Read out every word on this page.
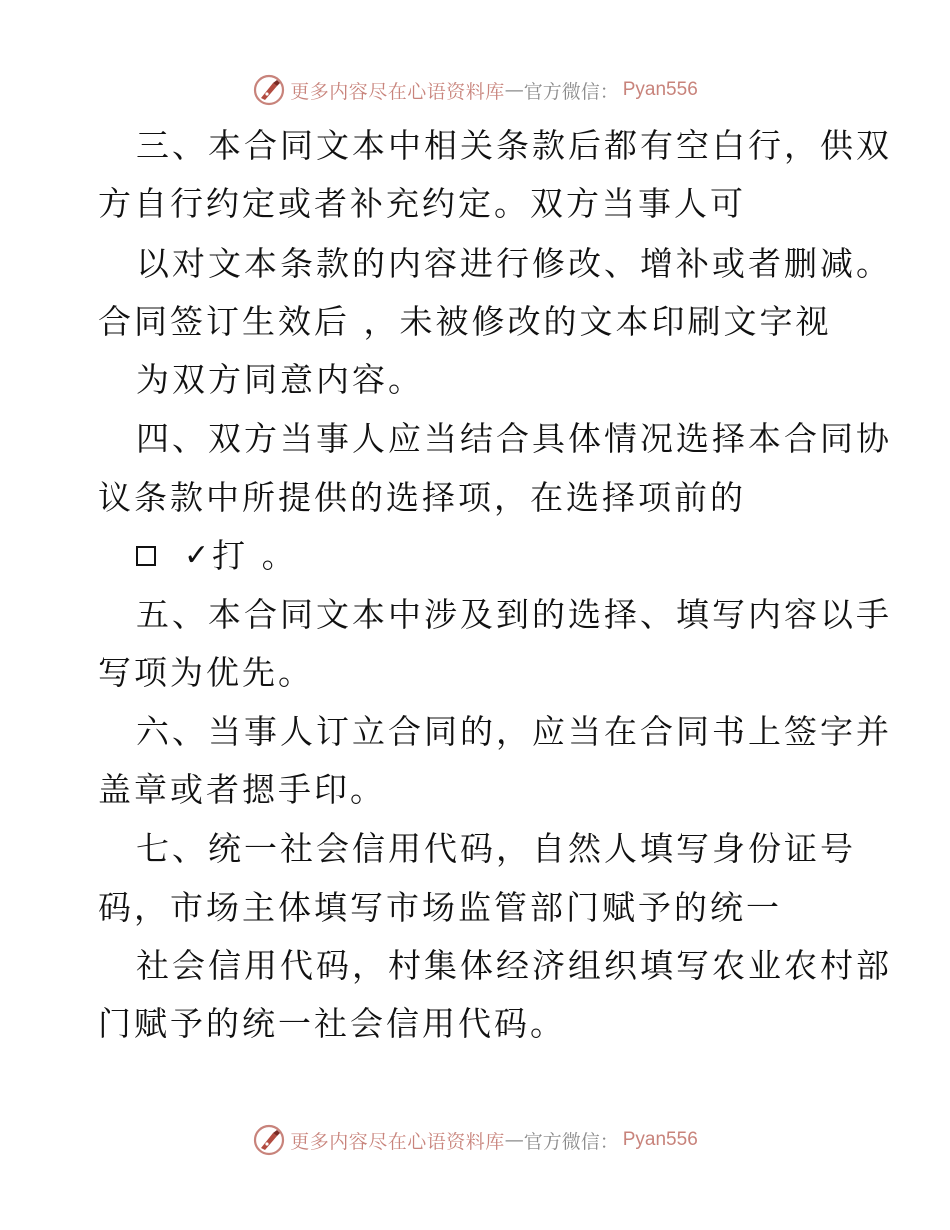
更多内容尽在心语资料库 — 官方微信： Pyan556
三、本合同文本中相关条款后都有空白行，供双
方自行约定或者补充约定。双方当事人可
以对文本条款的内容进行修改、增补或者删减。
合同签订生效后 ，未被修改的文本印刷文字视
为双方同意内容。
四、双方当事人应当结合具体情况选择本合同协
议条款中所提供的选择项，在选择项前的
✓ 打 。
五、本合同文本中涉及到的选择、填写内容以手
写项为优先。
六、当事人订立合同的，应当在合同书上签字并
盖章或者摁手印。
七、统一社会信用代码，自然人填写身份证号
码，市场主体填写市场监管部门赋予的统一
社会信用代码，村集体经济组织填写农业农村部
门赋予的统一社会信用代码。
更多内容尽在心语资料库 — 官方微信： Pyan556
